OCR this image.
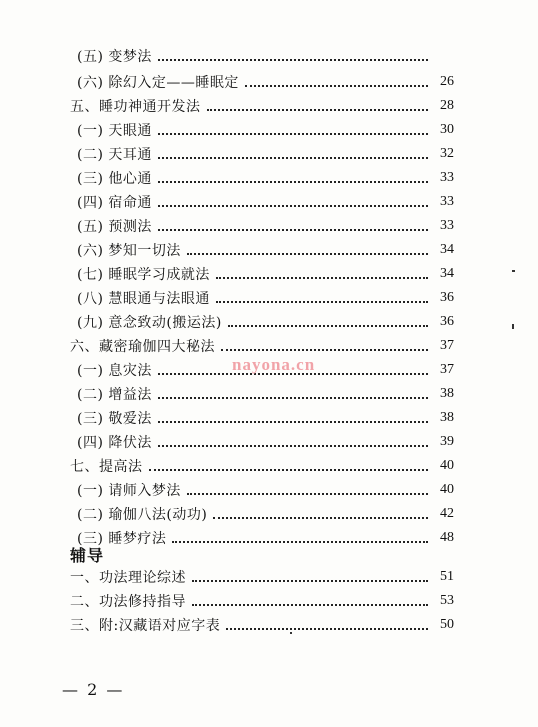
(五) 变梦法
(六) 除幻入定——睡眠定	26
五、睡功神通开发法	28
(一) 天眼通	30
(二) 天耳通	32
(三) 他心通	33
(四) 宿命通	33
(五) 预测法	33
(六) 梦知一切法	34
(七) 睡眠学习成就法	34
(八) 慧眼通与法眼通	36
(九) 意念致动(搬运法)	36
六、藏密瑜伽四大秘法	37
(一) 息灾法	37
(二) 增益法	38
(三) 敬爱法	38
(四) 降伏法	39
七、提高法	40
(一) 请师入梦法	40
(二) 瑜伽八法(动功)	42
(三) 睡梦疗法	48
辅导
一、功法理论综述	51
二、功法修持指导	53
三、附:汉藏语对应字表	50
nayona.cn
— 2 —
